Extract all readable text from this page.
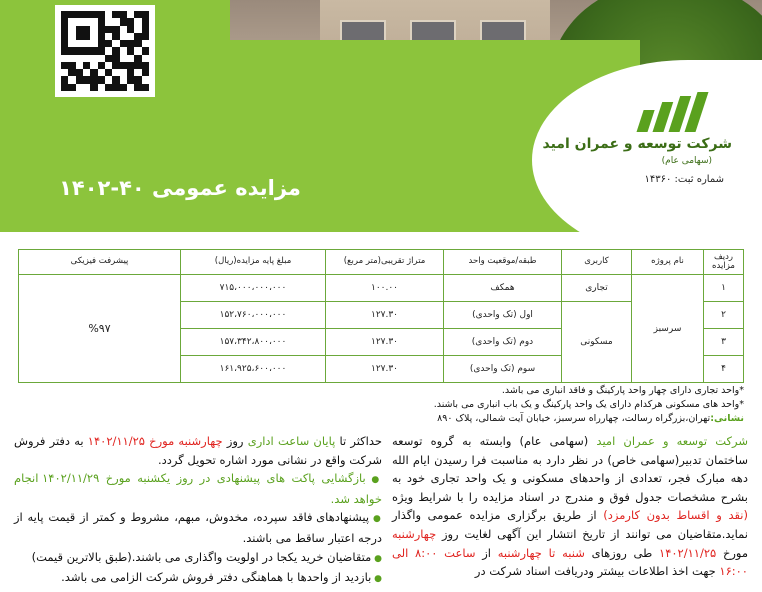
مزایده عمومی ۴۰-۱۴۰۲
شرکت توسعه و عمران امید
(سهامی عام)
شماره ثبت: ۱۴۳۶۰
ردیف مزایده	نام پروژه	کاربری	طبقه/موقعیت واحد	متراژ تقریبی(متر مربع)	مبلغ پایه مزایده(ریال)	پیشرفت فیزیکی
۱	سرسبز	تجاری	همکف	۱۰۰.۰۰	۷۱۵،۰۰۰،۰۰۰،۰۰۰	%۹۷
۲		مسکونی	اول (تک واحدی)	۱۲۷.۳۰	۱۵۲،۷۶۰،۰۰۰،۰۰۰	
۳			دوم (تک واحدی)	۱۲۷.۳۰	۱۵۷،۳۴۲،۸۰۰،۰۰۰	
۴			سوم (تک واحدی)	۱۲۷.۳۰	۱۶۱،۹۲۵،۶۰۰،۰۰۰	
*واحد تجاری دارای چهار واحد پارکینگ و فاقد انباری می باشد.
*واحد های مسکونی هرکدام دارای یک واحد پارکینگ و یک باب انباری می باشند.
نشانی:تهران،بزرگراه رسالت، چهارراه سرسبز، خیابان آیت شمالی، پلاک ۸۹۰
شرکت توسعه و عمران امید (سهامی عام) وابسته به گروه توسعه ساختمان تدبیر(سهامی خاص) در نظر دارد به مناسبت فرا رسیدن ایام الله دهه مبارک فجر، تعدادی از واحدهای مسکونی و یک واحد تجاری خود به بشرح مشخصات جدول فوق و مندرج در اسناد مزایده را با شرایط ویژه (نقد و اقساط بدون کارمزد) از طریق برگزاری مزایده عمومی واگذار نماید.متقاضیان می توانند از تاریخ انتشار این آگهی لغایت روز چهارشنبه مورخ ۱۴۰۲/۱۱/۲۵ طی روزهای شنبه تا چهارشنبه از ساعت ۸:۰۰ الی ۱۶:۰۰ جهت اخذ اطلاعات بیشتر ودریافت اسناد شرکت در
حداکثر تا پایان ساعت اداری روز چهارشنبه مورخ ۱۴۰۲/۱۱/۲۵ به دفتر فروش شرکت واقع در نشانی مورد اشاره تحویل گردد.
● بازگشایی پاکت های پیشنهادی در روز یکشنبه مورخ ۱۴۰۲/۱۱/۲۹ انجام خواهد شد.
● پیشنهادهای فاقد سپرده، مخدوش، مبهم، مشروط و کمتر از قیمت پایه از درجه اعتبار ساقط می باشند.
● متقاضیان خرید یکجا در اولویت واگذاری می باشند.(طبق بالاترین قیمت)
● بازدید از واحدها با هماهنگی دفتر فروش شرکت الزامی می باشد.
